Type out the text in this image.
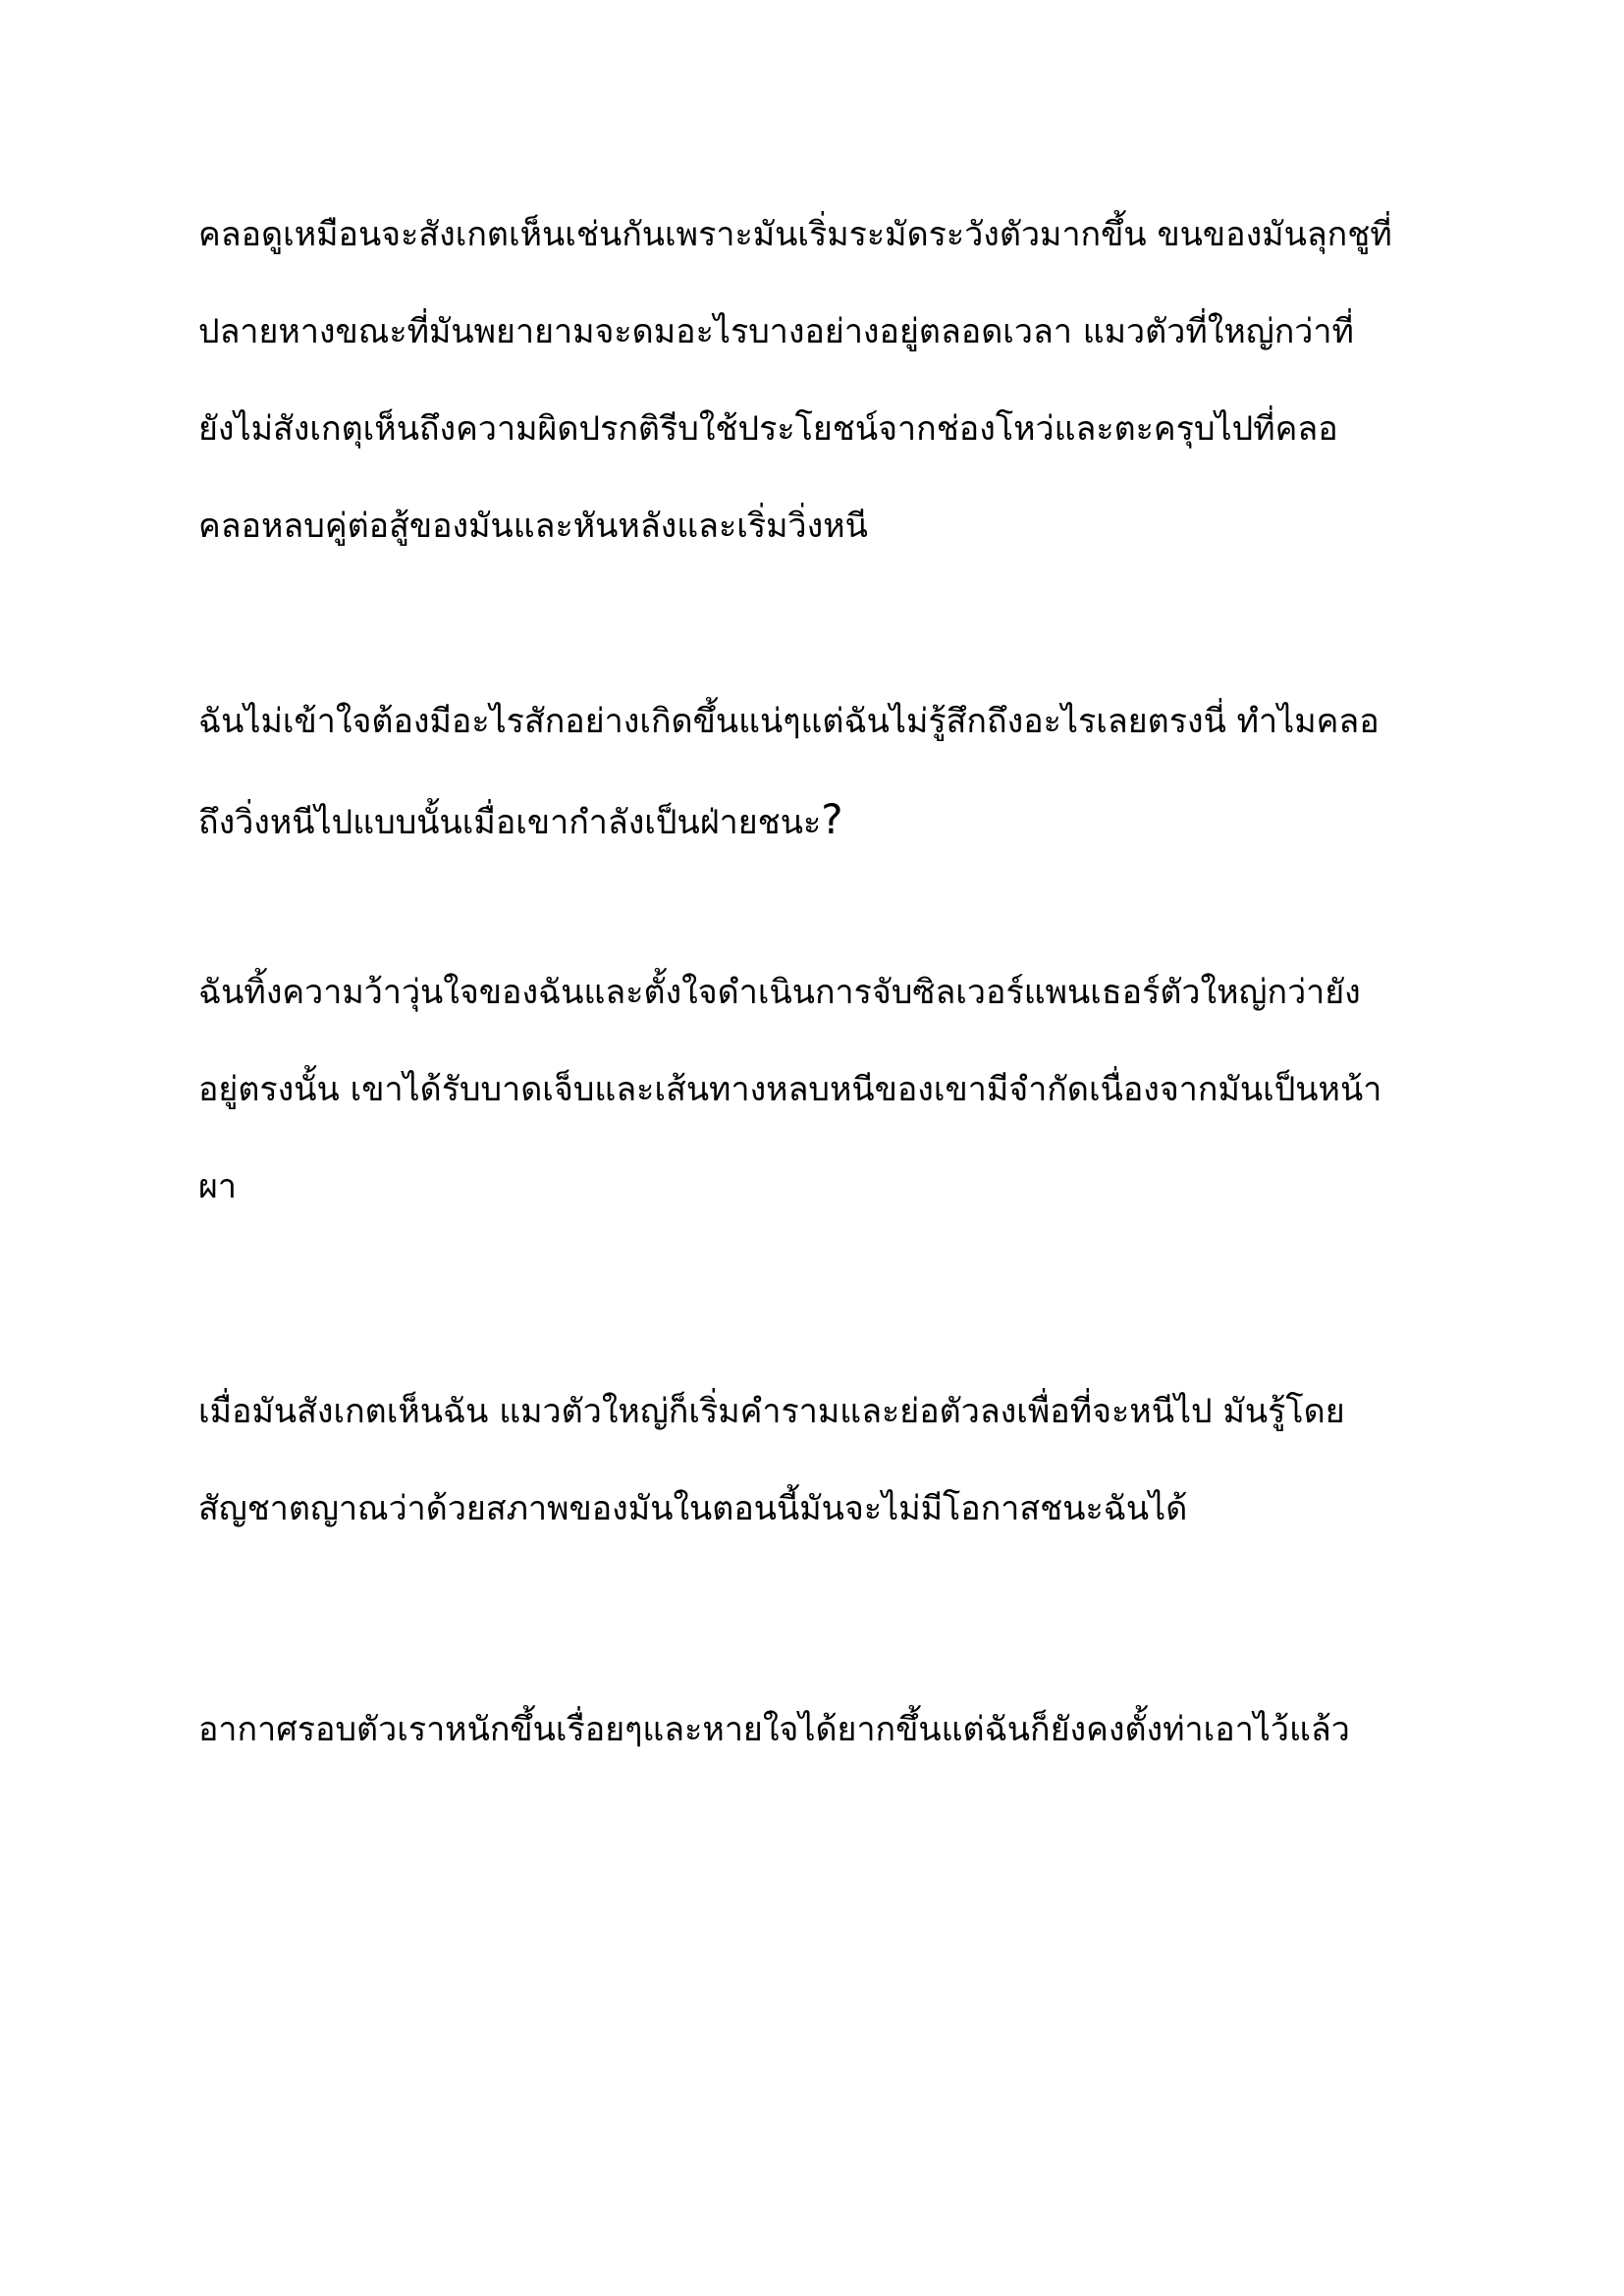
คลอดูเหมือนจะสังเกตเห็นเช่นกันเพราะมันเริ่มระมัดระวังตัวมากขึ้น ขนของมันลุกชูที่
ปลายหางขณะที่มันพยายามจะดมอะไรบางอย่างอยู่ตลอดเวลา แมวตัวที่ใหญ่กว่าที่
ยังไม่สังเกตุเห็นถึงความผิดปรกติรีบใช้ประโยชน์จากช่องโหว่และตะครุบไปที่คลอ
คลอหลบคู่ต่อสู้ของมันและหันหลังและเริ่มวิ่งหนี

ฉันไม่เข้าใจต้องมีอะไรสักอย่างเกิดขึ้นแน่ๆแต่ฉันไม่รู้สึกถึงอะไรเลยตรงนี่ ทำไมคลอ
ถึงวิ่งหนีไปแบบนั้นเมื่อเขากำลังเป็นฝ่ายชนะ?

ฉันทิ้งความว้าวุ่นใจของฉันและตั้งใจดำเนินการจับซิลเวอร์แพนเธอร์ตัวใหญ่กว่ายัง
อยู่ตรงนั้น เขาได้รับบาดเจ็บและเส้นทางหลบหนีของเขามีจำกัดเนื่องจากมันเป็นหน้า
ผา

เมื่อมันสังเกตเห็นฉัน แมวตัวใหญ่ก็เริ่มคำรามและย่อตัวลงเพื่อที่จะหนีไป มันรู้โดย
สัญชาตญาณว่าด้วยสภาพของมันในตอนนี้มันจะไม่มีโอกาสชนะฉันได้

อากาศรอบตัวเราหนักขึ้นเรื่อยๆและหายใจได้ยากขึ้นแต่ฉันก็ยังคงตั้งท่าเอาไว้แล้ว
